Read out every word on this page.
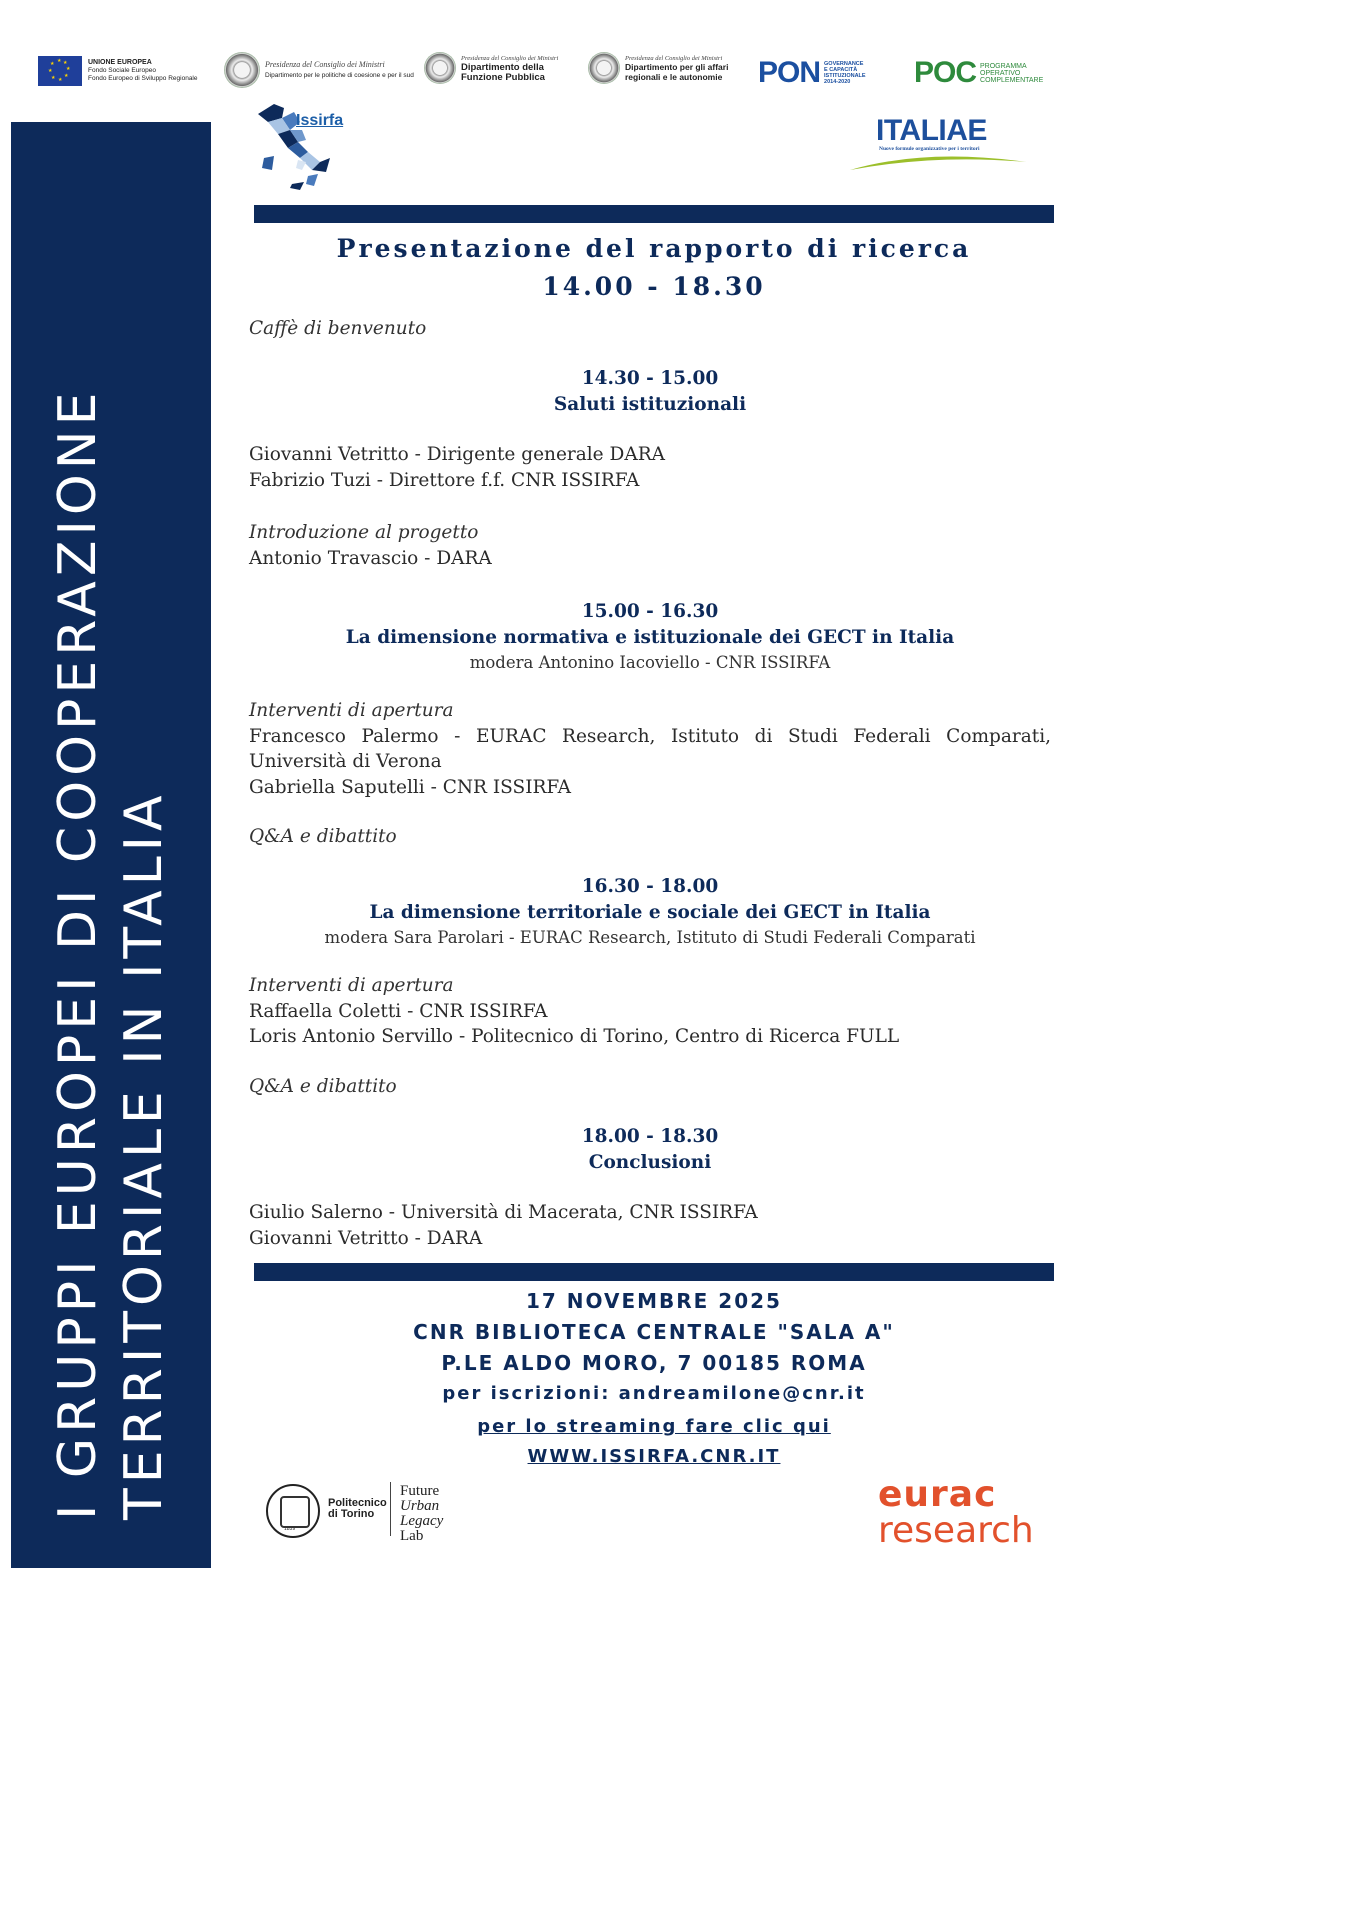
★ ★
★
★
★
★
★
★	UNIONE EUROPEA
Fondo Sociale Europeo
Fondo Europeo di Sviluppo Regionale
Presidenza del Consiglio dei Ministri
Dipartimento per le politiche di coesione e per il sud
Presidenza del Consiglio dei Ministri
Dipartimento della
Funzione Pubblica
Presidenza del Consiglio dei Ministri
Dipartimento per gli affari
regionali e le autonomie PON GOVERNANCE
E CAPACITÀ
ISTITUZIONALE
2014-2020	POC PROGRAMMA
OPERATIVO
COMPLEMENTARE
I GRUPPI EUROPEI DI COOPERAZIONE TERRITORIALE IN ITALIA
Issirfa	ITALIAE
Nuove formule organizzative per i territori
Presentazione del rapporto di ricerca
14.00 - 18.30
Caffè di benvenuto
14.30 - 15.00
Saluti istituzionali
Giovanni Vetritto - Dirigente generale DARA
Fabrizio Tuzi - Direttore f.f. CNR ISSIRFA
Introduzione al progetto
Antonio Travascio - DARA
15.00 - 16.30
La dimensione normativa e istituzionale dei GECT in Italia
modera Antonino Iacoviello - CNR ISSIRFA
Interventi di apertura
Francesco Palermo - EURAC Research, Istituto di Studi Federali Comparati, Università di Verona
Gabriella Saputelli - CNR ISSIRFA
Q&A e dibattito
16.30 - 18.00
La dimensione territoriale e sociale dei GECT in Italia
modera Sara Parolari - EURAC Research, Istituto di Studi Federali Comparati
Interventi di apertura
Raffaella Coletti - CNR ISSIRFA
Loris Antonio Servillo - Politecnico di Torino, Centro di Ricerca FULL
Q&A e dibattito
18.00 - 18.30
Conclusioni
Giulio Salerno - Università di Macerata, CNR ISSIRFA
Giovanni Vetritto - DARA
17 NOVEMBRE 2025
CNR BIBLIOTECA CENTRALE "SALA A"
P.LE ALDO MORO, 7 00185 ROMA
per iscrizioni: andreamilone@cnr.it
per lo streaming fare clic qui
WWW.ISSIRFA.CNR.IT
1859
Politecnico
di Torino
Future
Urban Legacy
Lab
eurac
research
